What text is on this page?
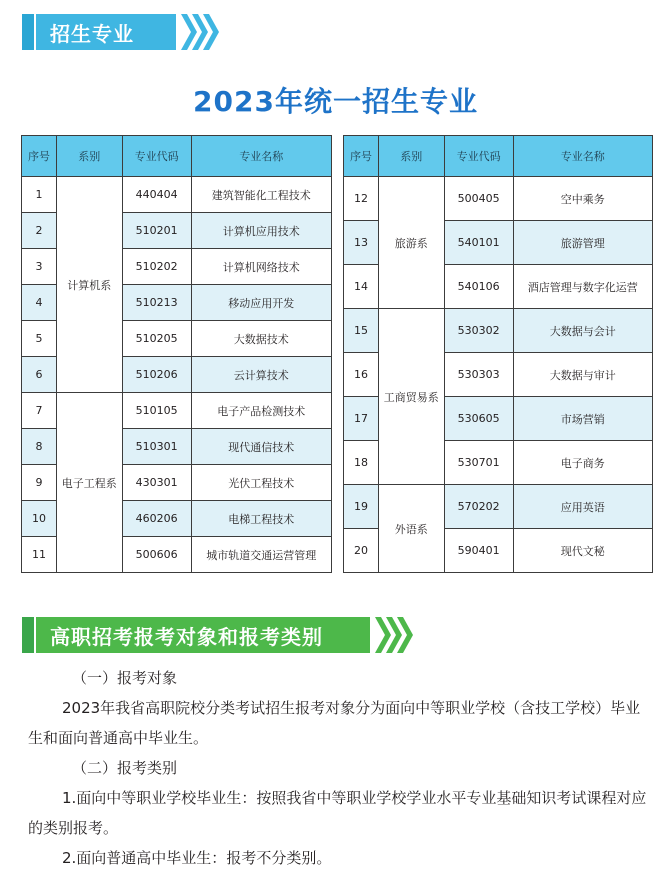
招生专业
2023年统一招生专业
序号	系别	专业代码	专业名称
1	计算机系	440404	建筑智能化工程技术
2		510201	计算机应用技术
3		510202	计算机网络技术
4		510213	移动应用开发
5		510205	大数据技术
6		510206	云计算技术
7	电子工程系	510105	电子产品检测技术
8		510301	现代通信技术
9		430301	光伏工程技术
10		460206	电梯工程技术
11		500606	城市轨道交通运营管理
序号	系别	专业代码	专业名称
12	旅游系	500405	空中乘务
13		540101	旅游管理
14		540106	酒店管理与数字化运营
15	工商贸易系	530302	大数据与会计
16		530303	大数据与审计
17		530605	市场营销
18		530701	电子商务
19	外语系	570202	应用英语
20		590401	现代文秘
高职招考报考对象和报考类别
（一）报考对象
2023年我省高职院校分类考试招生报考对象分为面向中等职业学校（含技工学校）毕业生和面向普通高中毕业生。
（二）报考类别
1.面向中等职业学校毕业生：按照我省中等职业学校学业水平专业基础知识考试课程对应的类别报考。
2.面向普通高中毕业生：报考不分类别。
